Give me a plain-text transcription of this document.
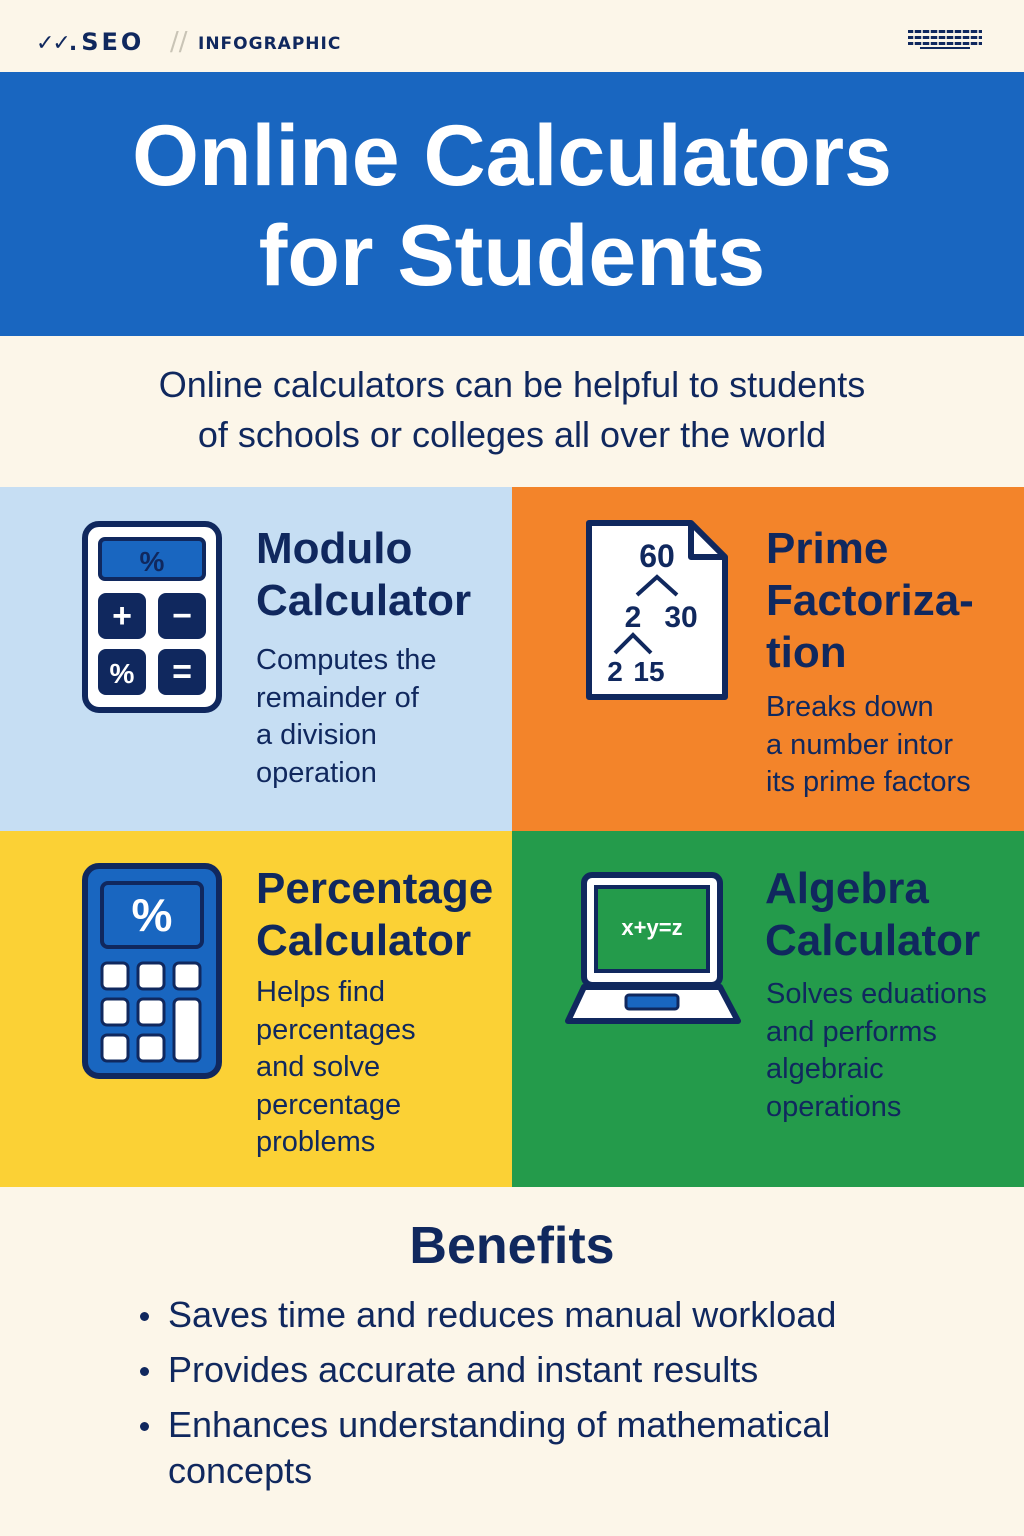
✓✓. SEO // INFOGRAPHIC
Online Calculators
for Students
Online calculators can be helpful to students
of schools or colleges all over the world
%
+ −
% =
Modulo
Calculator
Computes the
remainder of
a division
operation
60
2 30
2 15
Prime
Factoriza-
tion
Breaks down
a number intor
its prime factors
%
Percentage
Calculator
Helps find
percentages
and solve
percentage
problems
x+y=z
Algebra
Calculator
Solves eduations
and performs
algebraic
operations
Benefits
Saves time and reduces manual workload
Provides accurate and instant results
Enhances understanding of mathematical
concepts
